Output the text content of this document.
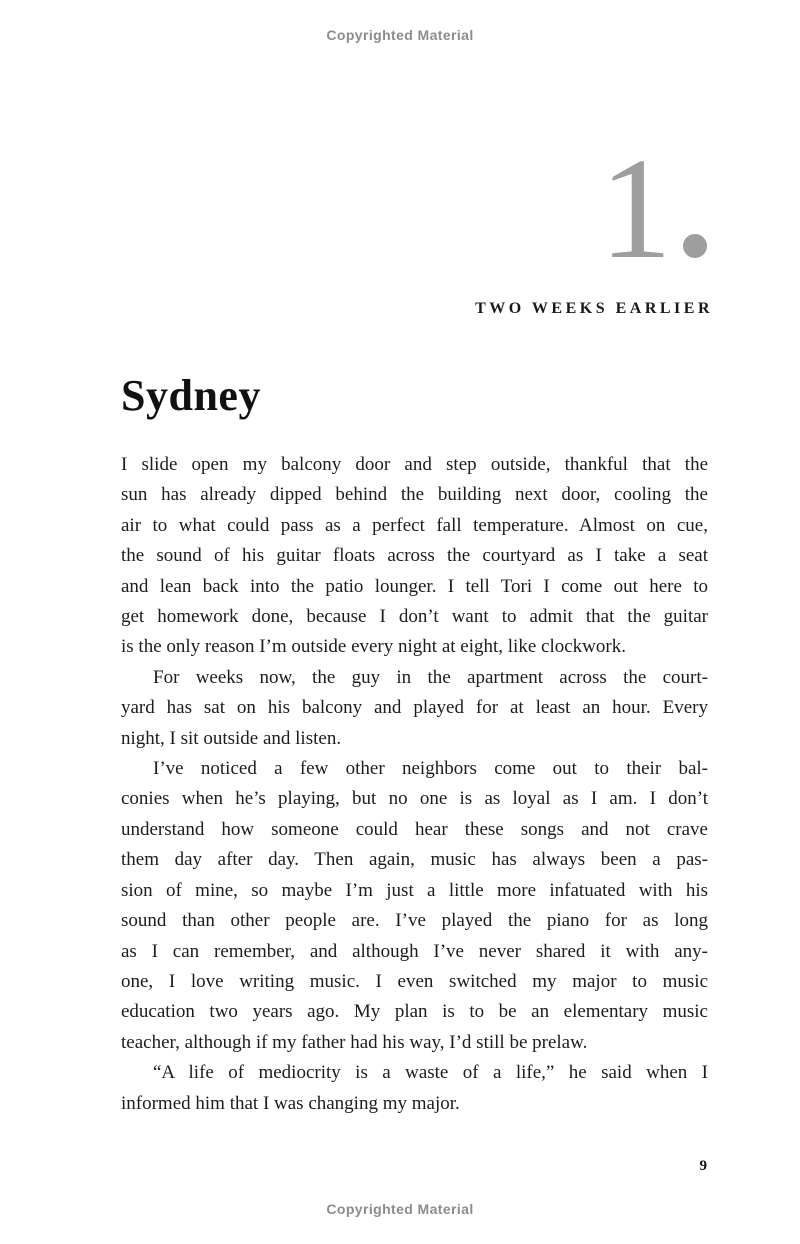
Copyrighted Material
1
TWO WEEKS EARLIER
Sydney
I slide open my balcony door and step outside, thankful that the
sun has already dipped behind the building next door, cooling the
air to what could pass as a perfect fall temperature. Almost on cue,
the sound of his guitar floats across the courtyard as I take a seat
and lean back into the patio lounger. I tell Tori I come out here to
get homework done, because I don’t want to admit that the guitar
is the only reason I’m outside every night at eight, like clockwork.
For weeks now, the guy in the apartment across the court-
yard has sat on his balcony and played for at least an hour. Every
night, I sit outside and listen.
I’ve noticed a few other neighbors come out to their bal-
conies when he’s playing, but no one is as loyal as I am. I don’t
understand how someone could hear these songs and not crave
them day after day. Then again, music has always been a pas-
sion of mine, so maybe I’m just a little more infatuated with his
sound than other people are. I’ve played the piano for as long
as I can remember, and although I’ve never shared it with any-
one, I love writing music. I even switched my major to music
education two years ago. My plan is to be an elementary music
teacher, although if my father had his way, I’d still be prelaw.
“A life of mediocrity is a waste of a life,” he said when I
informed him that I was changing my major.
9
Copyrighted Material
